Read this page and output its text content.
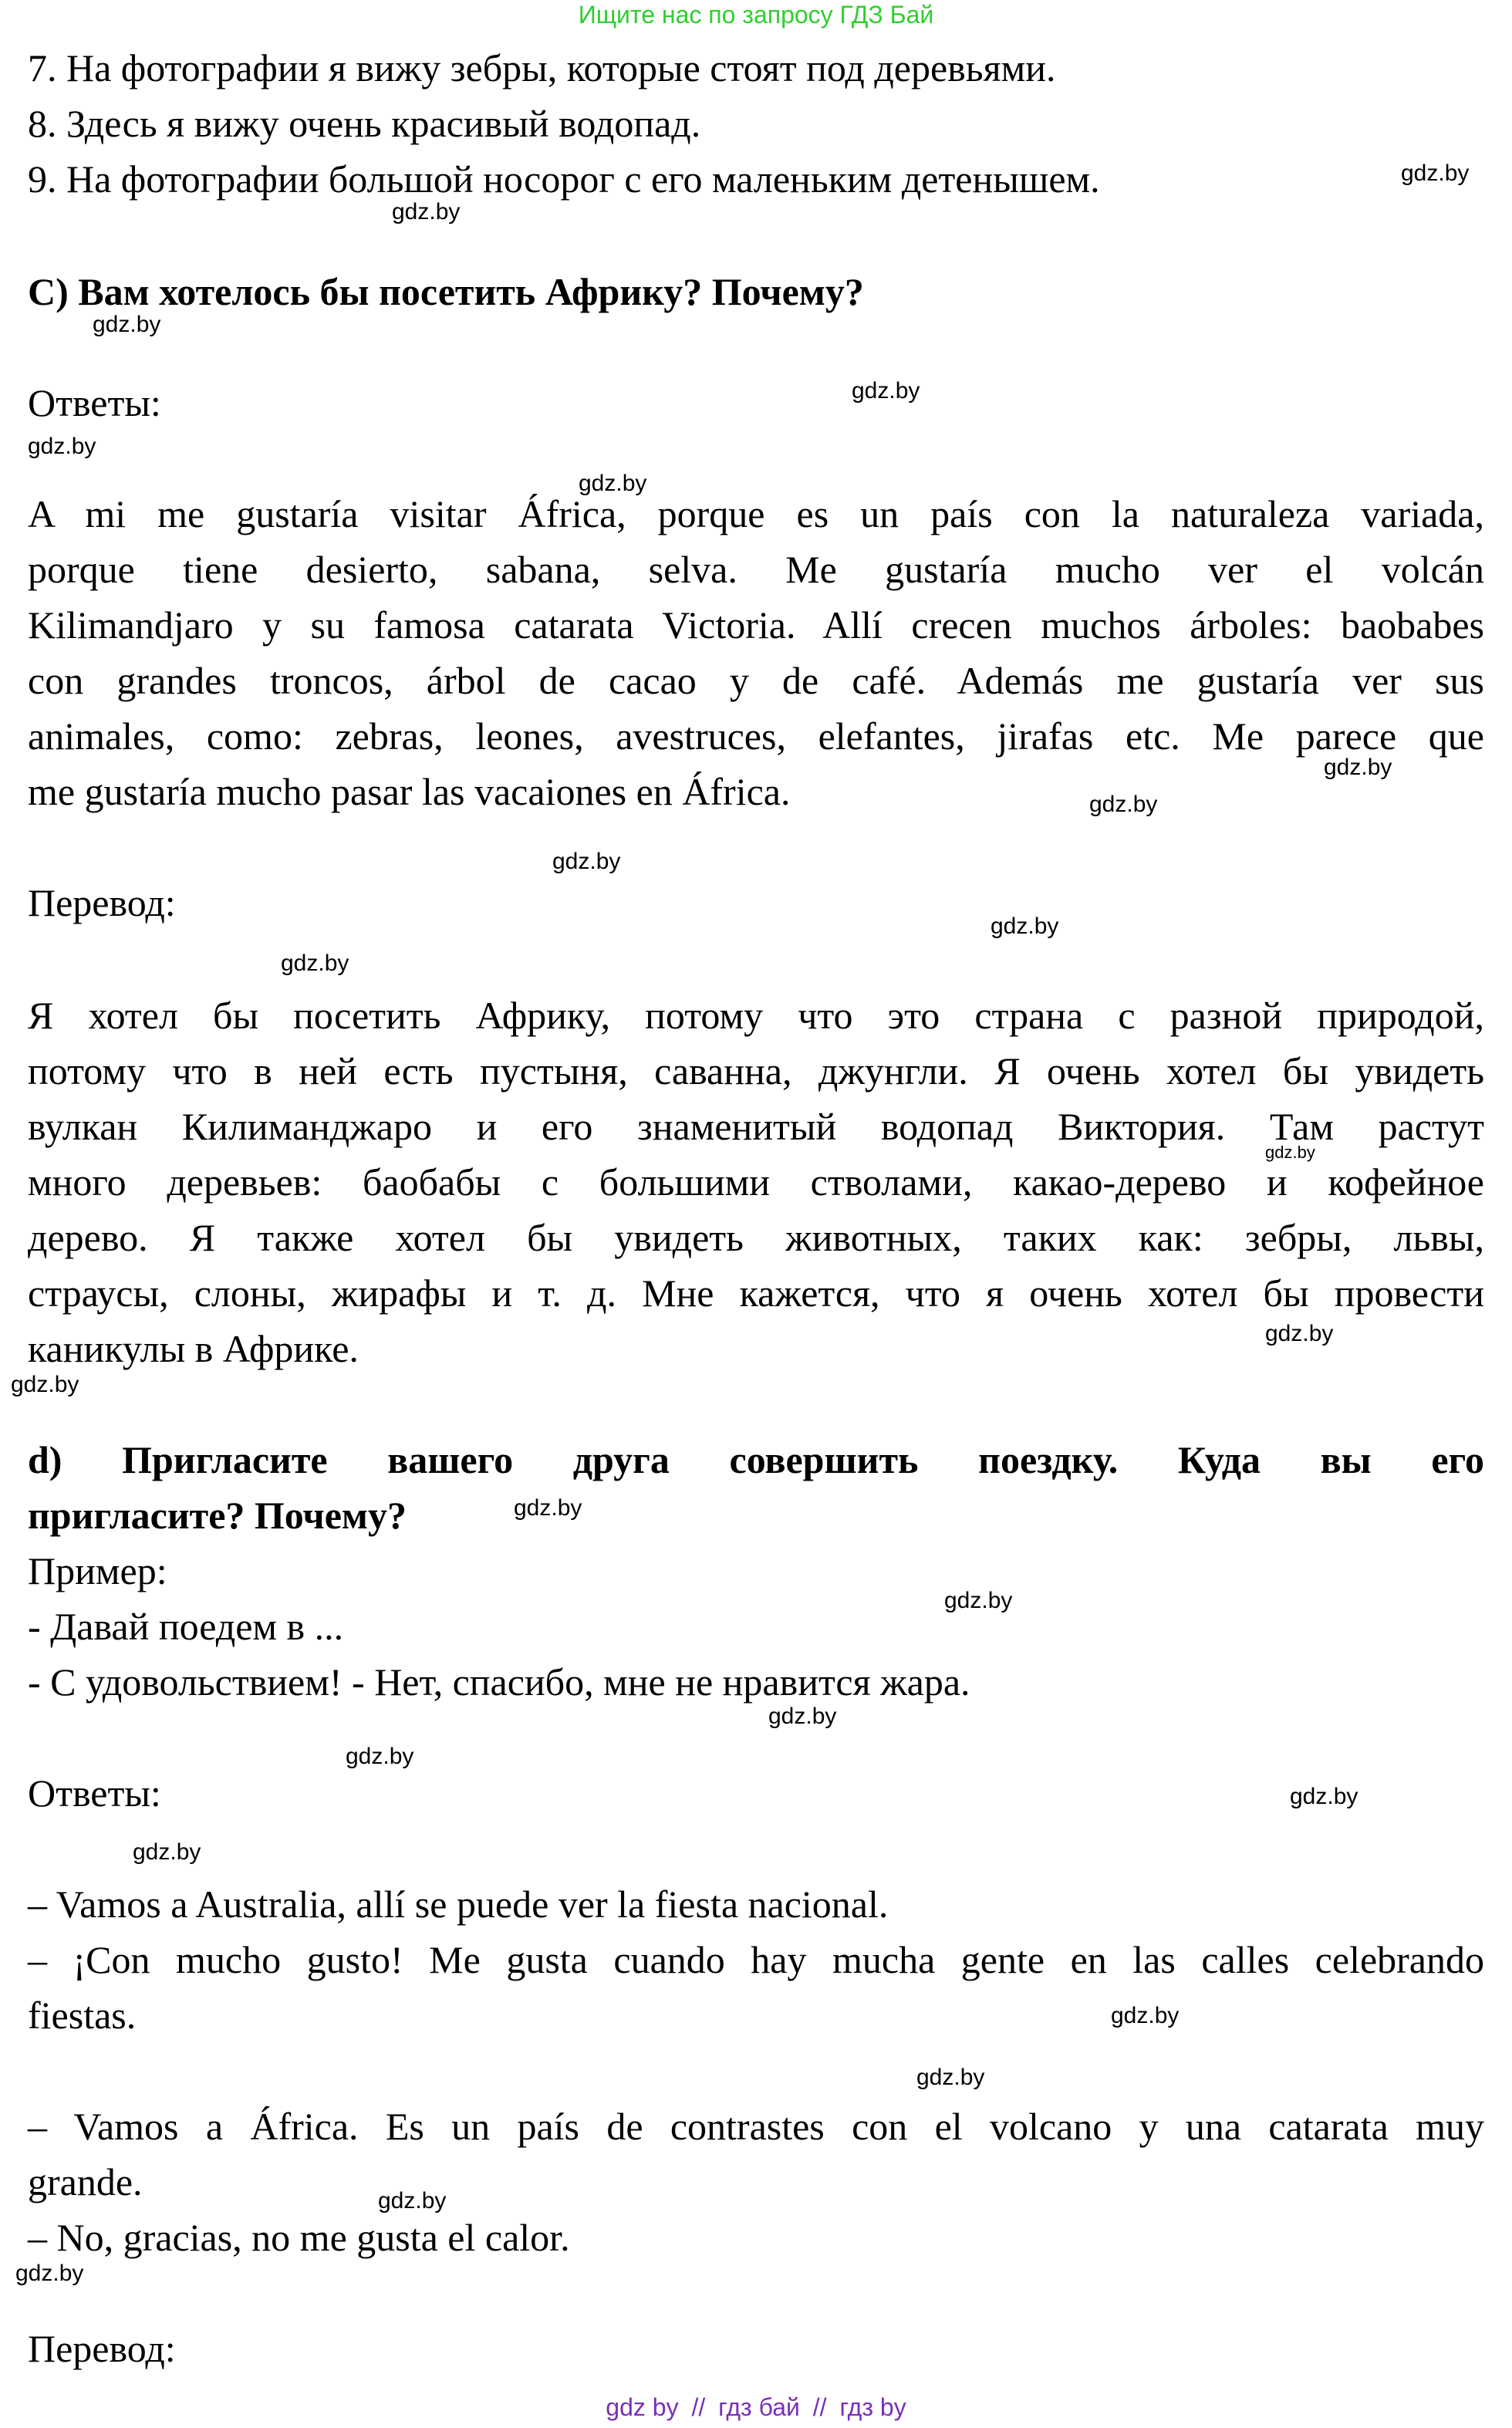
Ищите нас по запросу ГДЗ Бай
7. На фотографии я вижу зебры, которые стоят под деревьями.
8. Здесь я вижу очень красивый водопад.
9. На фотографии большой носорог с его маленьким детенышем.
C) Вам хотелось бы посетить Африку? Почему?
Ответы:
A mi me gustaría visitar Áfriсa, porque es un país con la naturaleza variada,
porque tiene desierto, sabana, selva. Me gustaría mucho ver el volcán
Kilimandjaro y su famosa catarata Victoria. Allí crecen muchos árboles: baobabes
con grandes troncos, árbol de cacao y de café. Además me gustaría ver sus
animales, como: zebras, leones, avestruces, elefantes, jirafas etc. Me parece que
me gustaría mucho pasar las vacaiones en África.
Перевод:
Я хотел бы посетить Африку, потому что это страна с разной природой,
потому что в ней есть пустыня, саванна, джунгли. Я очень хотел бы увидеть
вулкан Килиманджаро и его знаменитый водопад Виктория. Там растут
много деревьев: баобабы с большими стволами, какао-дерево и кофейное
дерево. Я также хотел бы увидеть животных, таких как: зебры, львы,
страусы, слоны, жирафы и т. д. Мне кажется, что я очень хотел бы провести
каникулы в Африке.
d) Пригласите вашего друга совершить поездку. Куда вы его
пригласите? Почему?
Пример:
- Давай поедем в ...
- С удовольствием! - Нет, спасибо, мне не нравится жара.
Ответы:
– Vamos a Australia, allí se puede ver la fiesta nacional.
– ¡Con mucho gusto! Me gusta cuando hay mucha gente en las calles celebrando
fiestas.
– Vamos a África. Es un país de contrastes con el volcano y una catarata muy
grande.
– No, gracias, no me gusta el calor.
Перевод:
gdz.by
gdz.by
gdz.by
gdz.by
gdz.by
gdz.by
gdz.by
gdz.by
gdz.by
gdz.by
gdz.by
gdz.by
gdz.by
gdz.by
gdz.by
gdz.by
gdz.by
gdz.by
gdz.by
gdz.by
gdz.by
gdz.by
gdz.by
gdz.by
gdz by // гдз бай // гдз by
